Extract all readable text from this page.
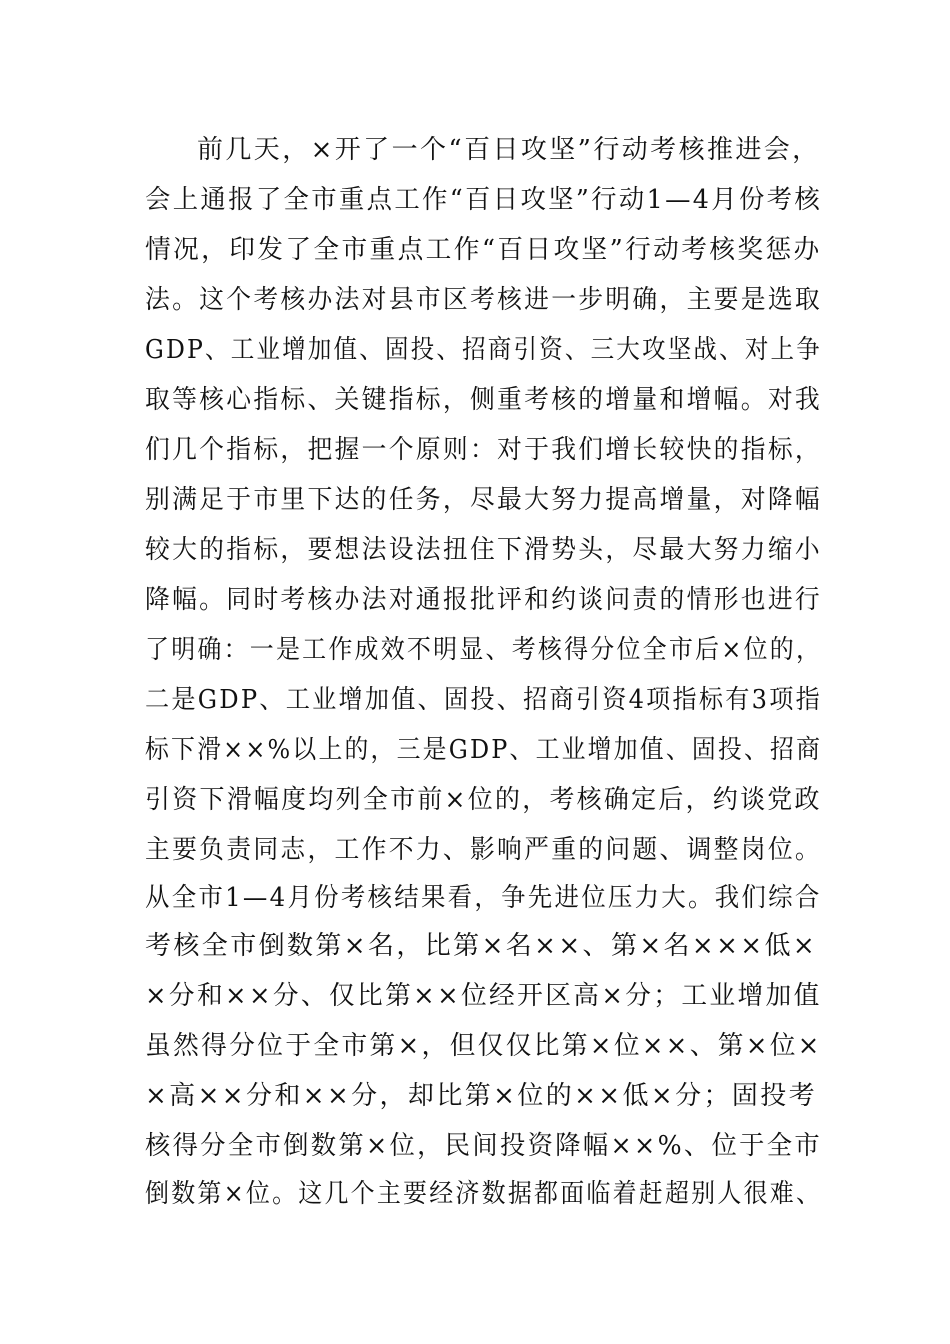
前几天，×开了一个“百日攻坚”行动考核推进会，
会上通报了全市重点工作“百日攻坚”行动1—4月份考核
情况，印发了全市重点工作“百日攻坚”行动考核奖惩办
法。这个考核办法对县市区考核进一步明确，主要是选取
GDP、工业增加值、固投、招商引资、三大攻坚战、对上争
取等核心指标、关键指标，侧重考核的增量和增幅。对我
们几个指标，把握一个原则：对于我们增长较快的指标，
别满足于市里下达的任务，尽最大努力提高增量，对降幅
较大的指标，要想法设法扭住下滑势头，尽最大努力缩小
降幅。同时考核办法对通报批评和约谈问责的情形也进行
了明确：一是工作成效不明显、考核得分位全市后×位的，
二是GDP、工业增加值、固投、招商引资4项指标有3项指
标下滑××%以上的，三是GDP、工业增加值、固投、招商
引资下滑幅度均列全市前×位的，考核确定后，约谈党政
主要负责同志，工作不力、影响严重的问题、调整岗位。
从全市1—4月份考核结果看，争先进位压力大。我们综合
考核全市倒数第×名，比第×名××、第×名×××低×
×分和××分、仅比第××位经开区高×分；工业增加值
虽然得分位于全市第×，但仅仅比第×位××、第×位×
×高××分和××分，却比第×位的××低×分；固投考
核得分全市倒数第×位，民间投资降幅××%、位于全市
倒数第×位。这几个主要经济数据都面临着赶超别人很难、
